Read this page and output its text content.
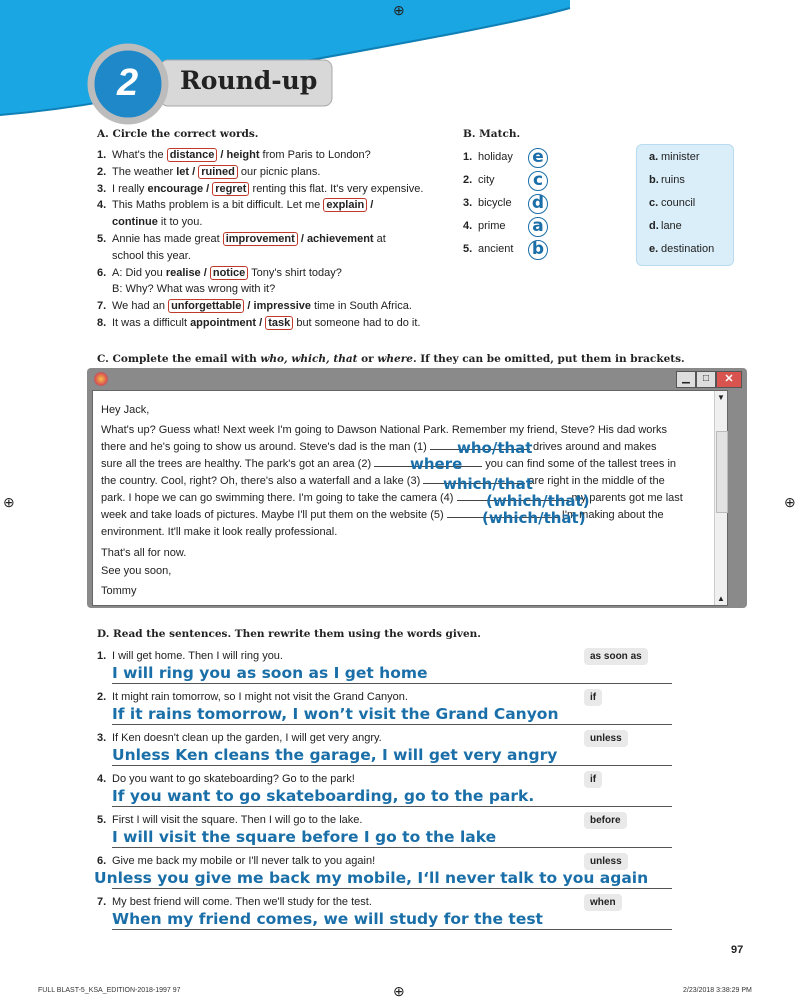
2 Round-up
⊕
⊕	⊕
⊕
A. Circle the correct words.
1. What's the distance / height from Paris to London?
2. The weather let / ruined our picnic plans.
3. I really encourage / regret renting this flat. It's very expensive.
4. This Maths problem is a bit difficult. Let me explain /
continue it to you.
5. Annie has made great improvement / achievement at
school this year.
6. A: Did you realise / notice Tony's shirt today?
B: Why? What was wrong with it?
7. We had an unforgettable / impressive time in South Africa.
8. It was a difficult appointment / task but someone had to do it.
B. Match.
1. holiday e
2. city c
3. bicycle d
4. prime a
5. ancient b
a. minister
b. ruins
c. council
d. lane
e. destination
C. Complete the email with who, which, that or where. If they can be omitted, put them in brackets.
▁	□	✕
▼
▲
Hey Jack,
What's up? Guess what! Next week I'm going to Dawson National Park. Remember my friend, Steve? His dad works
there and he's going to show us around. Steve's dad is the man (1)	drives around and makes
sure all the trees are healthy. The park's got an area (2)	you can find some of the tallest trees in
the country. Cool, right? Oh, there's also a waterfall and a lake (3)	are right in the middle of the
park. I hope we can go swimming there. I'm going to take the camera (4)	my parents got me last
week and take loads of pictures. Maybe I'll put them on the website (5)	I'm making about the
environment. It'll make it look really professional.
That's all for now.
See you soon,
Tommy
who/that
where
which/that
(which/that)
(which/that)
D. Read the sentences. Then rewrite them using the words given.
1. I will get home. Then I will ring you.	as soon as
I will ring you as soon as I get home
2. It might rain tomorrow, so I might not visit the Grand Canyon.	if
If it rains tomorrow, I won’t visit the Grand Canyon
3. If Ken doesn't clean up the garden, I will get very angry.	unless
Unless Ken cleans the garage, I will get very angry
4. Do you want to go skateboarding? Go to the park!	if
If you want to go skateboarding, go to the park.
5. First I will visit the square. Then I will go to the lake.	before
I will visit the square before I go to the lake
6. Give me back my mobile or I'll never talk to you again!	unless
Unless you give me back my mobile, I‘ll never talk to you again
7. My best friend will come. Then we'll study for the test.	when
When my friend comes, we will study for the test
97
FULL BLAST-5_KSA_EDITION-2018-1997 97	2/23/2018 3:38:29 PM
